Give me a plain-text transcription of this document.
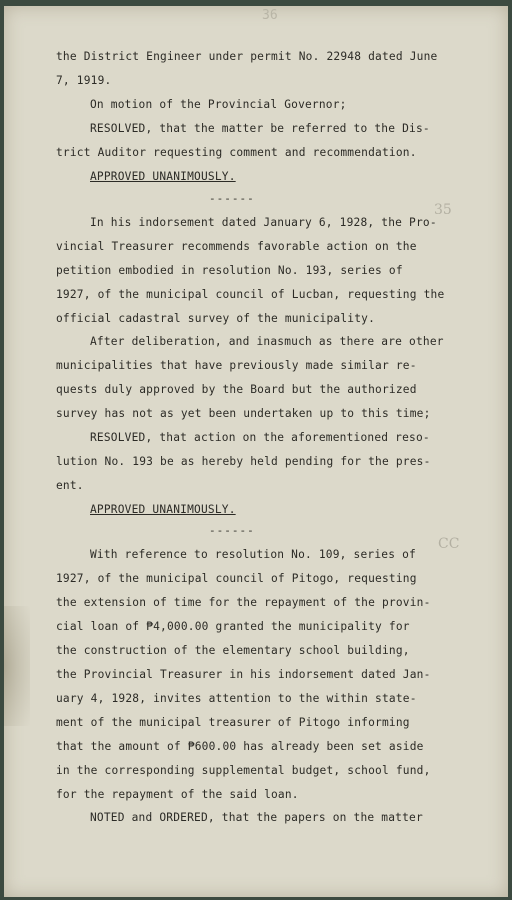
36
the District Engineer under permit No. 22948 dated June
7, 1919.
On motion of the Provincial Governor;
RESOLVED, that the matter be referred to the Dis-
trict Auditor requesting comment and recommendation.
APPROVED UNANIMOUSLY.
------
35
In his indorsement dated January 6, 1928, the Pro-
vincial Treasurer recommends favorable action on the
petition embodied in resolution No. 193, series of
1927, of the municipal council of Lucban, requesting the
official cadastral survey of the municipality.
After deliberation, and inasmuch as there are other
municipalities that have previously made similar re-
quests duly approved by the Board but the authorized
survey has not as yet been undertaken up to this time;
RESOLVED, that action on the aforementioned reso-
lution No. 193 be as hereby held pending for the pres-
ent.
APPROVED UNANIMOUSLY.
------
CC
With reference to resolution No. 109, series of
1927, of the municipal council of Pitogo, requesting
the extension of time for the repayment of the provin-
cial loan of ₱4,000.00 granted the municipality for
the construction of the elementary school building,
the Provincial Treasurer in his indorsement dated Jan-
uary 4, 1928, invites attention to the within state-
ment of the municipal treasurer of Pitogo informing
that the amount of ₱600.00 has already been set aside
in the corresponding supplemental budget, school fund,
for the repayment of the said loan.
NOTED and ORDERED, that the papers on the matter
